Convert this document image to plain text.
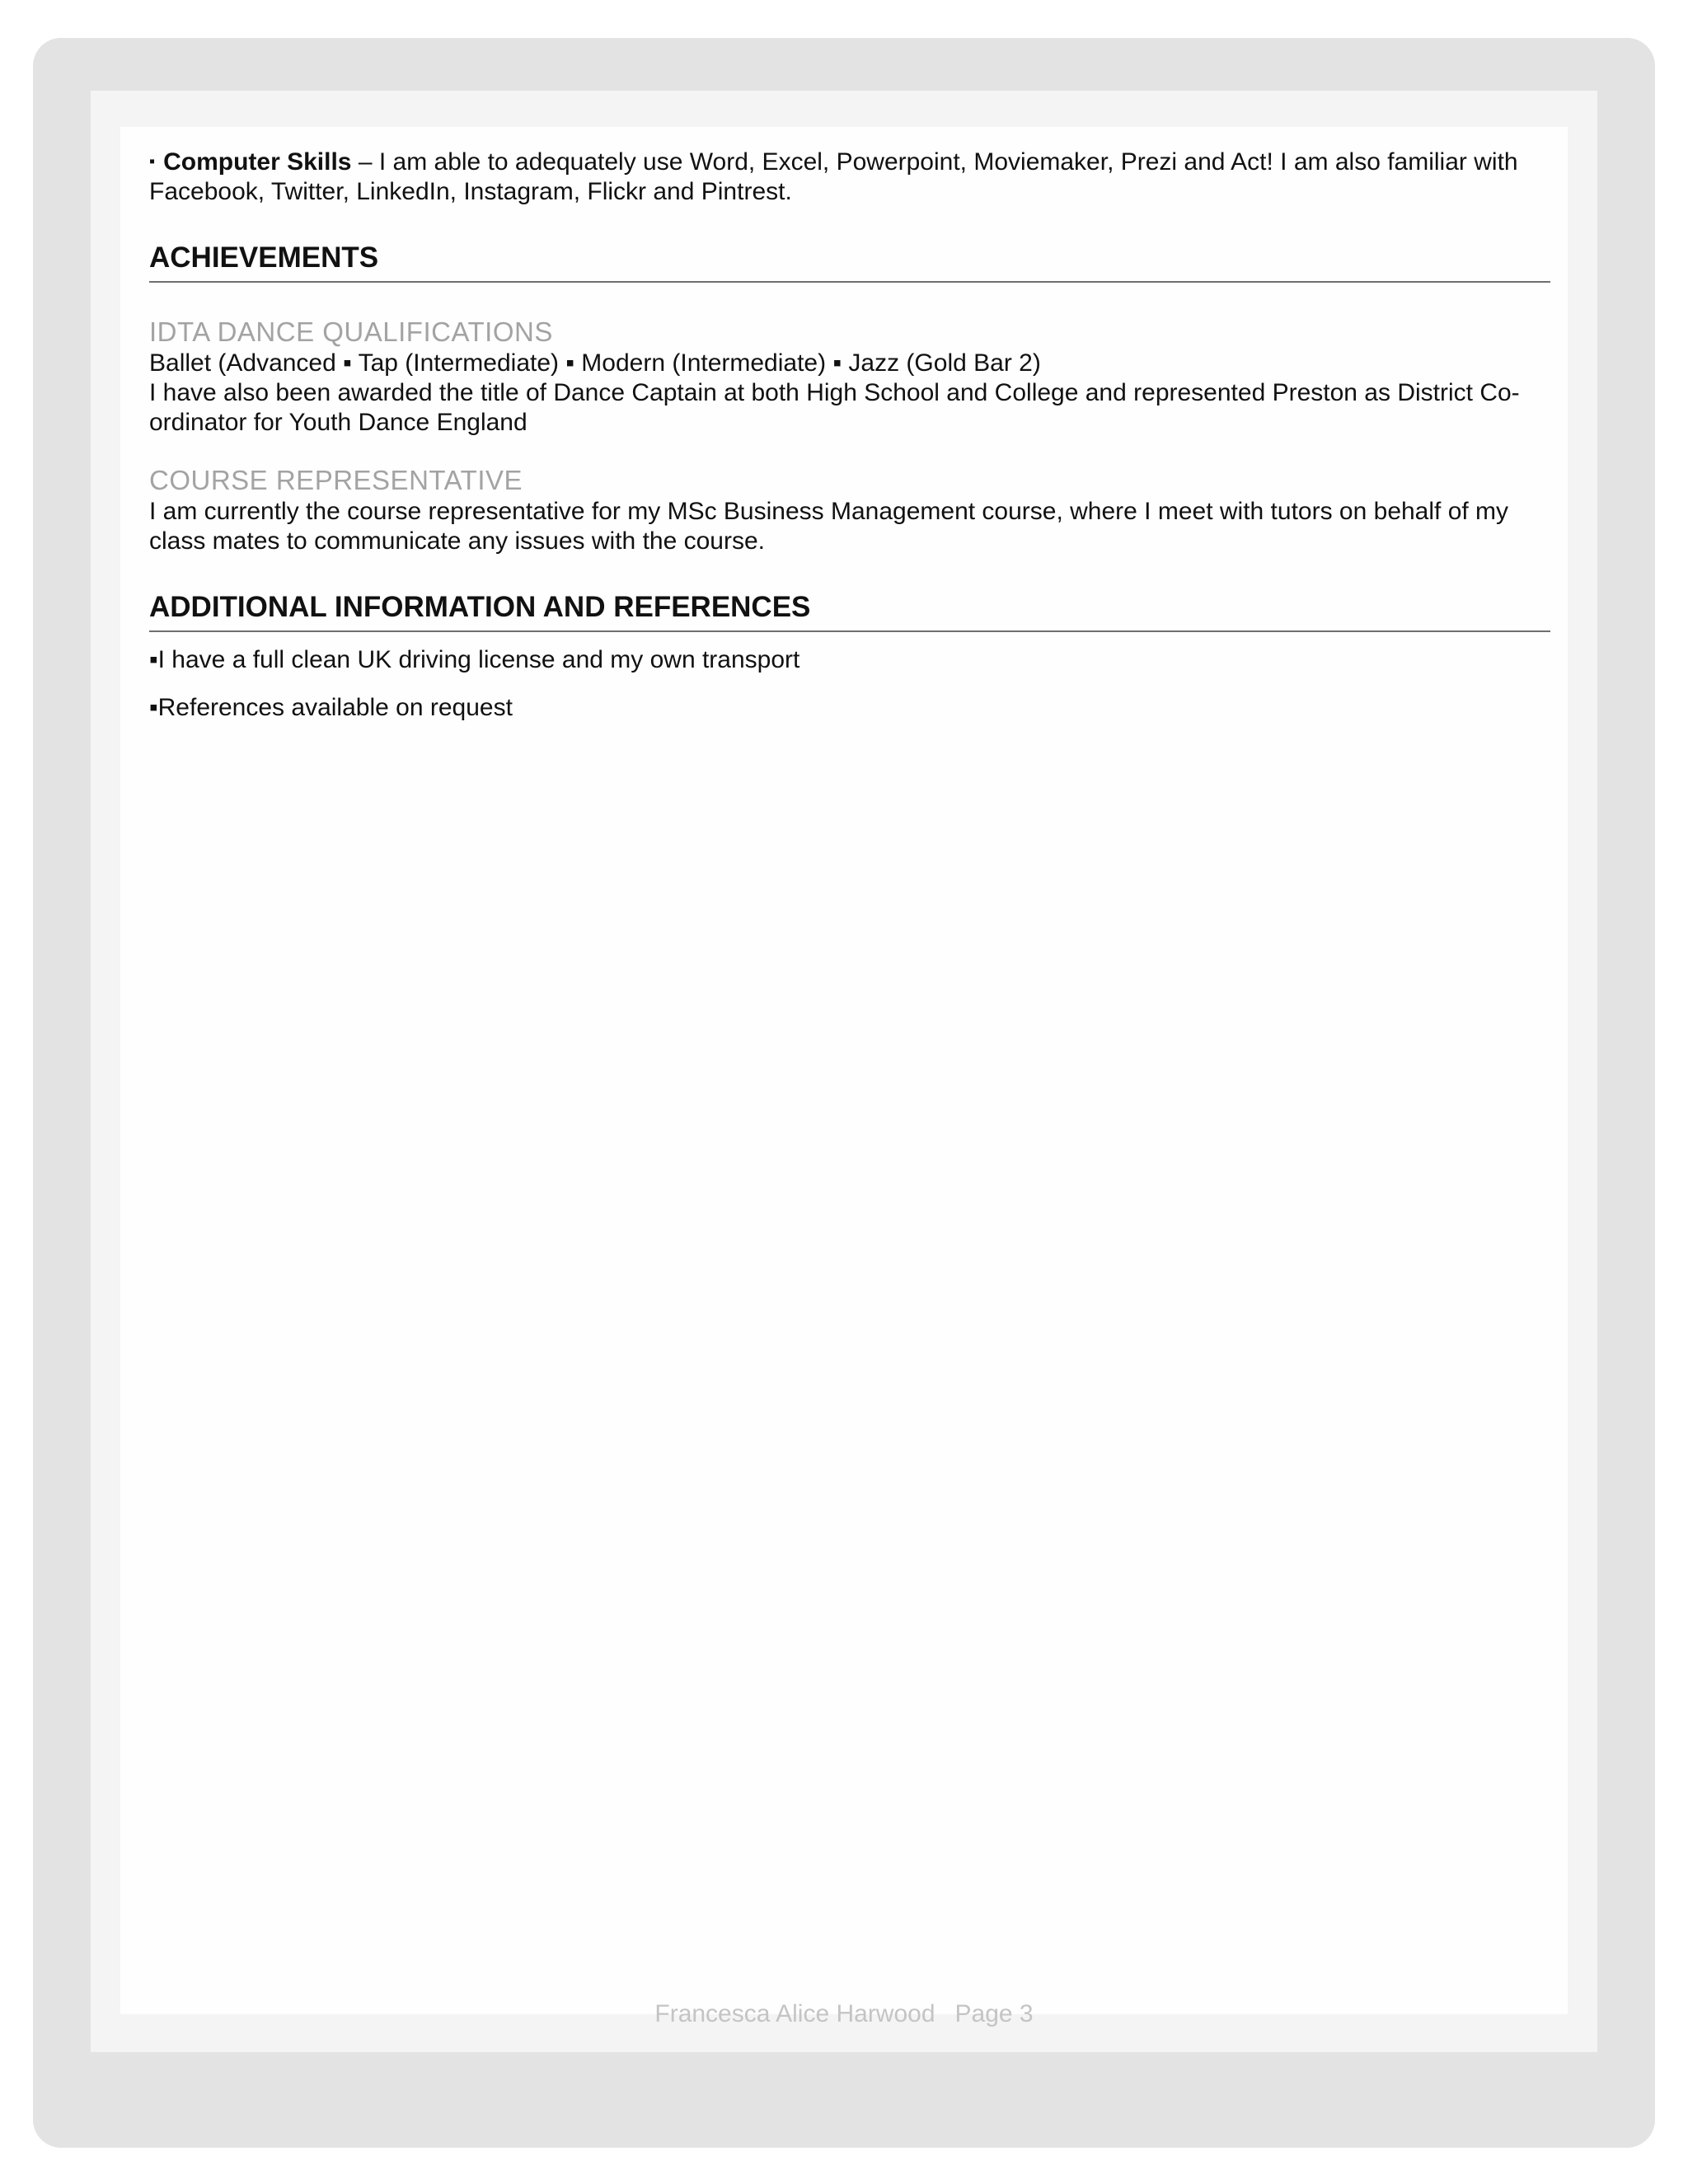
▪ Computer Skills – I am able to adequately use Word, Excel, Powerpoint, Moviemaker, Prezi and Act! I am also familiar with Facebook, Twitter, LinkedIn, Instagram, Flickr and Pintrest.

ACHIEVEMENTS

IDTA DANCE QUALIFICATIONS

Ballet (Advanced ▪ Tap (Intermediate) ▪ Modern (Intermediate) ▪ Jazz (Gold Bar 2)

I have also been awarded the title of Dance Captain at both High School and College and represented Preston as District Co-ordinator for Youth Dance England

COURSE REPRESENTATIVE

I am currently the course representative for my MSc Business Management course, where I meet with tutors on behalf of my class mates to communicate any issues with the course.

ADDITIONAL INFORMATION AND REFERENCES

▪I have a full clean UK driving license and my own transport

▪References available on request

Francesca Alice Harwood Page 3
